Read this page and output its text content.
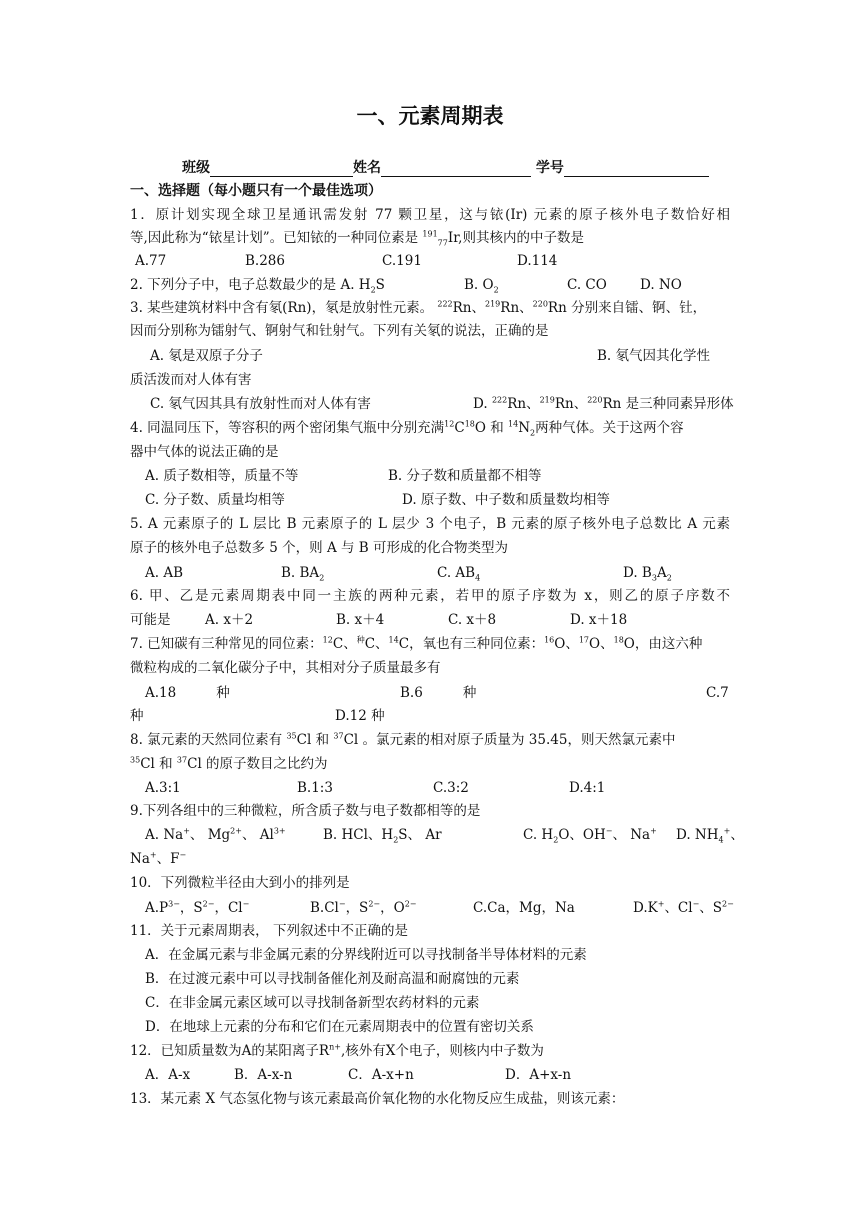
一、元素周期表
班级	姓名	学号
一、选择题（每小题只有一个最佳选项）
1．原计划实现全球卫星通讯需发射 77 颗卫星，这与铱(Ir) 元素的原子核外电子数恰好相
等,因此称为“铱星计划”。已知铱的一种同位素是 $^{191}_{77}$Ir,则其核内的中子数是
A.77	B.286	C.191	D.114
2. 下列分子中，电子总数最少的是 A. $H_2S$	B. $O_2$	C. CO D. NO
3. 某些建筑材料中含有氡(Rn)，氡是放射性元素。 $^{222}$Rn、$^{219}$Rn、$^{220}$Rn 分别来自镭、锕、钍，
因而分别称为镭射气、锕射气和钍射气。下列有关氡的说法，正确的是
A. 氡是双原子分子	B. 氡气因其化学性
质活泼而对人体有害
C. 氡气因其具有放射性而对人体有害	D. $^{222}$Rn、$^{219}$Rn、$^{220}$Rn 是三种同素异形体
4. 同温同压下，等容积的两个密闭集气瓶中分别充满$^{12}C^{18}O$ 和 $^{14}N_2$两种气体。关于这两个容
器中气体的说法正确的是
A. 质子数相等，质量不等	B. 分子数和质量都不相等
C. 分子数、质量均相等	D. 原子数、中子数和质量数均相等
5. A 元素原子的 L 层比 B 元素原子的 L 层少 3 个电子，B 元素的原子核外电子总数比 A 元素
原子的核外电子总数多 5 个，则 A 与 B 可形成的化合物类型为
A. AB	B. $BA_2$	C. $AB_4$	D. $B_3A_2$
6. 甲、乙是元素周期表中同一主族的两种元素，若甲的原子序数为 x，则乙的原子序数不
可能是	A. x＋2	B. x＋4	C. x＋8	D. x＋18
7. 已知碳有三种常见的同位素：$^{12}$C、$^种$C、$^{14}$C，氧也有三种同位素：$^{16}$O、$^{17}$O、$^{18}$O，由这六种
微粒构成的二氧化碳分子中，其相对分子质量最多有
A.18	种	B.6	种	C.7
种	D.12 种
8. 氯元素的天然同位素有 $^{35}$Cl 和 $^{37}$Cl 。氯元素的相对原子质量为 35.45，则天然氯元素中
$^{35}$Cl 和 $^{37}$Cl 的原子数目之比约为
A.3:1	B.1:3	C.3:2	D.4:1
9.下列各组中的三种微粒，所含质子数与电子数都相等的是
A. Na+、 $Mg^{2+}$、 $Al^{3+}$	B. HCl、$H_2S$、 Ar	C. $H_2O$、OH−、 Na+ D. $NH_4^+$、
Na+、F−
10．下列微粒半径由大到小的排列是
$A.P^{3-}$，$S^{2-}$，Cl−	B.Cl−，$S^{2-}$，$O^{2-}$	C.Ca，Mg，Na	D.K+、Cl−、$S^{2-}$
11．关于元素周期表， 下列叙述中不正确的是
A．在金属元素与非金属元素的分界线附近可以寻找制备半导体材料的元素
B．在过渡元素中可以寻找制备催化剂及耐高温和耐腐蚀的元素
C．在非金属元素区域可以寻找制备新型农药材料的元素
D．在地球上元素的分布和它们在元素周期表中的位置有密切关系
12．已知质量数为A的某阳离子$R^{n+}$,核外有X个电子，则核内中子数为
A．A-x	B．A-x-n	C．A-x+n	D．A+x-n
13．某元素 X 气态氢化物与该元素最高价氧化物的水化物反应生成盐，则该元素：
